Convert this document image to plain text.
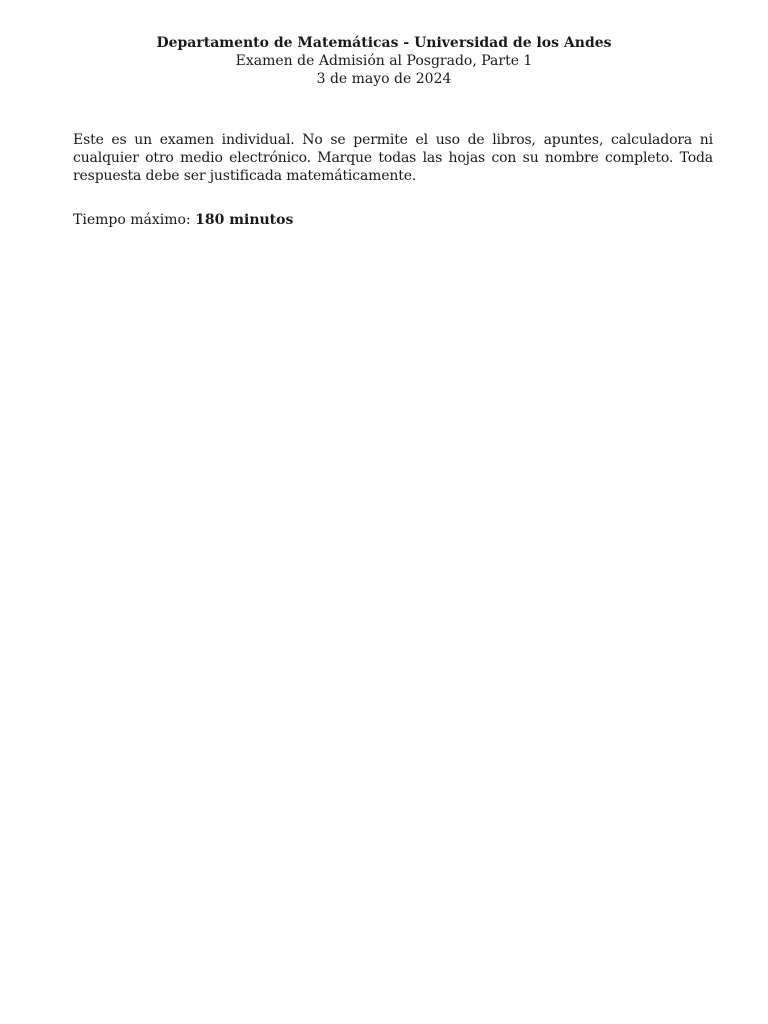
Departamento de Matemáticas - Universidad de los Andes
Examen de Admisión al Posgrado, Parte 1
3 de mayo de 2024
Este es un examen individual. No se permite el uso de libros, apuntes, calculadora ni cualquier otro medio electrónico. Marque todas las hojas con su nombre completo. Toda respuesta debe ser justificada matemáticamente.
Tiempo máximo: 180 minutos
